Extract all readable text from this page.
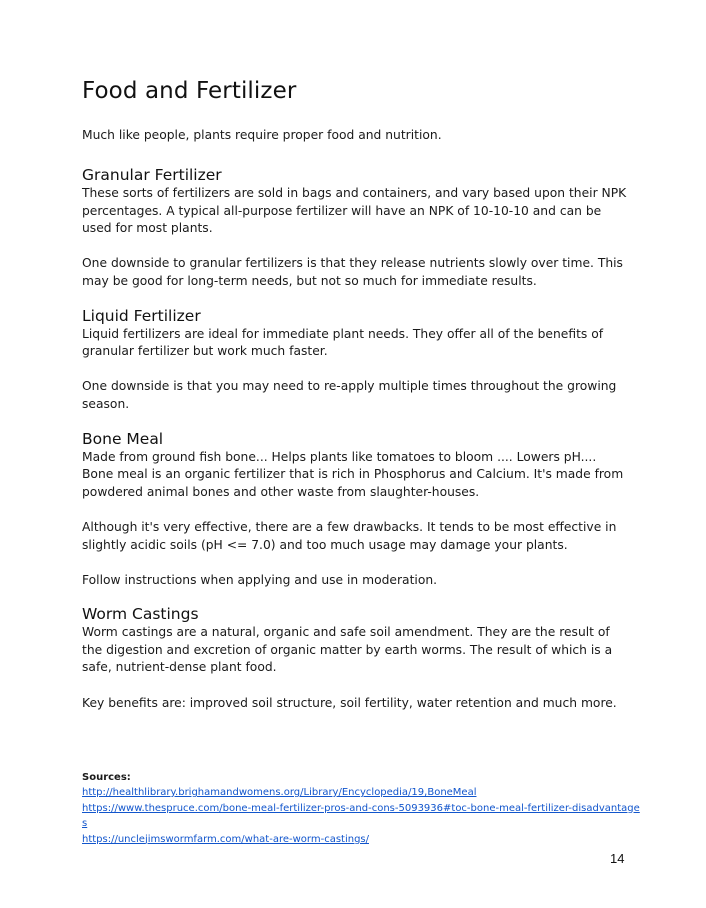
Food and Fertilizer

Much like people, plants require proper food and nutrition.

Granular Fertilizer

These sorts of fertilizers are sold in bags and containers, and vary based upon their NPK percentages. A typical all-purpose fertilizer will have an NPK of 10-10-10 and can be used for most plants.

One downside to granular fertilizers is that they release nutrients slowly over time. This may be good for long-term needs, but not so much for immediate results.

Liquid Fertilizer

Liquid fertilizers are ideal for immediate plant needs. They offer all of the benefits of granular fertilizer but work much faster.

One downside is that you may need to re-apply multiple times throughout the growing season.

Bone Meal

Made from ground fish bone... Helps plants like tomatoes to bloom .... Lowers pH....

Bone meal is an organic fertilizer that is rich in Phosphorus and Calcium. It's made from powdered animal bones and other waste from slaughter-houses.

Although it's very effective, there are a few drawbacks. It tends to be most effective in slightly acidic soils (pH <= 7.0) and too much usage may damage your plants.

Follow instructions when applying and use in moderation.

Worm Castings

Worm castings are a natural, organic and safe soil amendment. They are the result of the digestion and excretion of organic matter by earth worms. The result of which is a safe, nutrient-dense plant food.

Key benefits are: improved soil structure, soil fertility, water retention and much more.

Sources:

http://healthlibrary.brighamandwomens.org/Library/Encyclopedia/19,BoneMeal
https://www.thespruce.com/bone-meal-fertilizer-pros-and-cons-5093936#toc-bone-meal-fertilizer-disadvantages
https://unclejimswormfarm.com/what-are-worm-castings/
14
